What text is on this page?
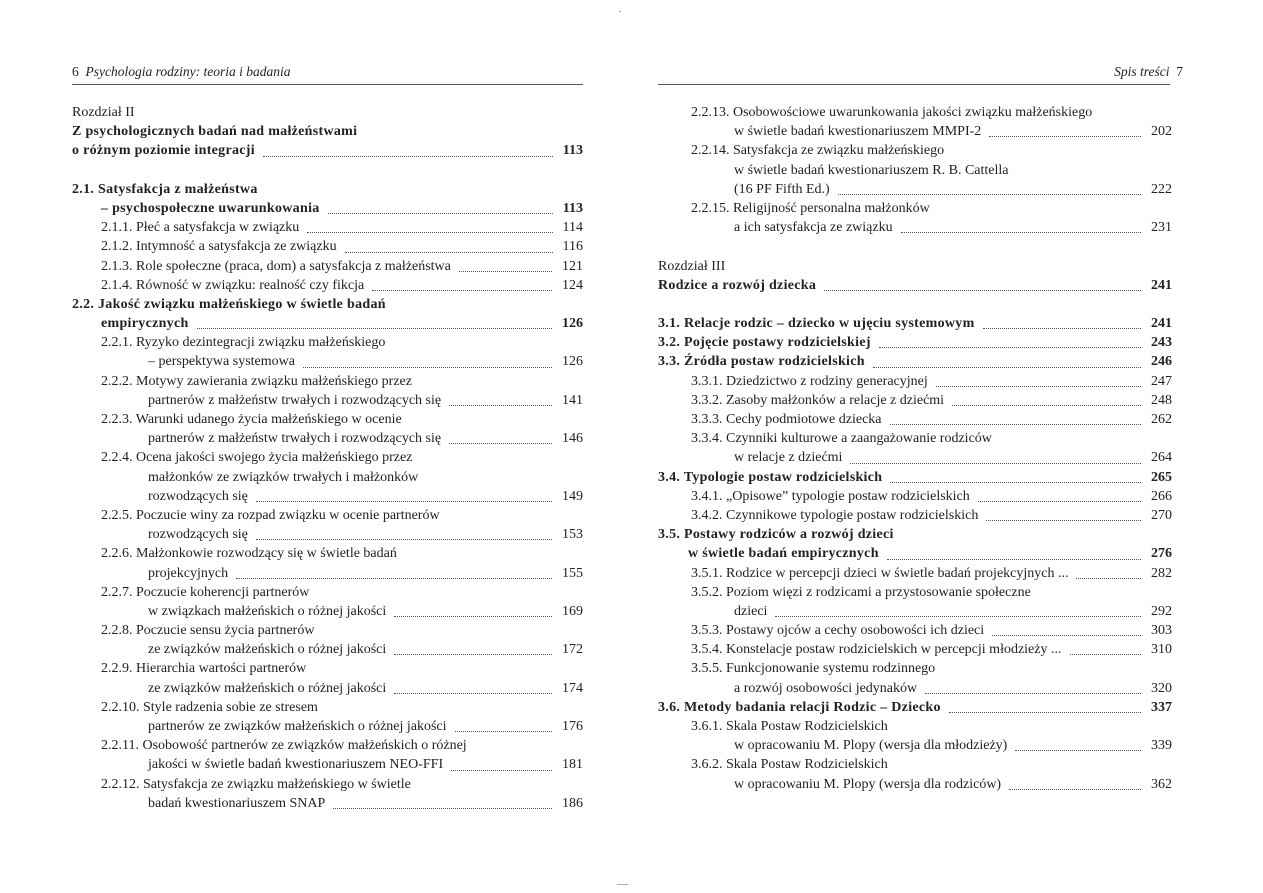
6 Psychologia rodziny: teoria i badania
Rozdział II
Z psychologicznych badań nad małżeństwami
o różnym poziomie integracji	113
2.1. Satysfakcja z małżeństwa
– psychospołeczne uwarunkowania	113
2.1.1. Płeć a satysfakcja w związku	114
2.1.2. Intymność a satysfakcja ze związku	116
2.1.3. Role społeczne (praca, dom) a satysfakcja z małżeństwa	121
2.1.4. Równość w związku: realność czy fikcja	124
2.2. Jakość związku małżeńskiego w świetle badań
empirycznych	126
2.2.1. Ryzyko dezintegracji związku małżeńskiego
– perspektywa systemowa	126
2.2.2. Motywy zawierania związku małżeńskiego przez
partnerów z małżeństw trwałych i rozwodzących się	141
2.2.3. Warunki udanego życia małżeńskiego w ocenie
partnerów z małżeństw trwałych i rozwodzących się	146
2.2.4. Ocena jakości swojego życia małżeńskiego przez
małżonków ze związków trwałych i małżonków
rozwodzących się	149
2.2.5. Poczucie winy za rozpad związku w ocenie partnerów
rozwodzących się	153
2.2.6. Małżonkowie rozwodzący się w świetle badań
projekcyjnych	155
2.2.7. Poczucie koherencji partnerów
w związkach małżeńskich o różnej jakości	169
2.2.8. Poczucie sensu życia partnerów
ze związków małżeńskich o różnej jakości	172
2.2.9. Hierarchia wartości partnerów
ze związków małżeńskich o różnej jakości	174
2.2.10. Style radzenia sobie ze stresem
partnerów ze związków małżeńskich o różnej jakości	176
2.2.11. Osobowość partnerów ze związków małżeńskich o różnej
jakości w świetle badań kwestionariuszem NEO-FFI	181
2.2.12. Satysfakcja ze związku małżeńskiego w świetle
badań kwestionariuszem SNAP	186
Spis treści 7
2.2.13. Osobowościowe uwarunkowania jakości związku małżeńskiego
w świetle badań kwestionariuszem MMPI-2	202
2.2.14. Satysfakcja ze związku małżeńskiego
w świetle badań kwestionariuszem R. B. Cattella
(16 PF Fifth Ed.)	222
2.2.15. Religijność personalna małżonków
a ich satysfakcja ze związku	231
Rozdział III
Rodzice a rozwój dziecka	241
3.1. Relacje rodzic – dziecko w ujęciu systemowym	241
3.2. Pojęcie postawy rodzicielskiej	243
3.3. Źródła postaw rodzicielskich	246
3.3.1. Dziedzictwo z rodziny generacyjnej	247
3.3.2. Zasoby małżonków a relacje z dziećmi	248
3.3.3. Cechy podmiotowe dziecka	262
3.3.4. Czynniki kulturowe a zaangażowanie rodziców
w relacje z dziećmi	264
3.4. Typologie postaw rodzicielskich	265
3.4.1. „Opisowe” typologie postaw rodzicielskich	266
3.4.2. Czynnikowe typologie postaw rodzicielskich	270
3.5. Postawy rodziców a rozwój dzieci
w świetle badań empirycznych	276
3.5.1. Rodzice w percepcji dzieci w świetle badań projekcyjnych ...	282
3.5.2. Poziom więzi z rodzicami a przystosowanie społeczne
dzieci	292
3.5.3. Postawy ojców a cechy osobowości ich dzieci	303
3.5.4. Konstelacje postaw rodzicielskich w percepcji młodzieży ...	310
3.5.5. Funkcjonowanie systemu rodzinnego
a rozwój osobowości jedynaków	320
3.6. Metody badania relacji Rodzic – Dziecko	337
3.6.1. Skala Postaw Rodzicielskich
w opracowaniu M. Plopy (wersja dla młodzieży)	339
3.6.2. Skala Postaw Rodzicielskich
w opracowaniu M. Plopy (wersja dla rodziców)	362
·
—
